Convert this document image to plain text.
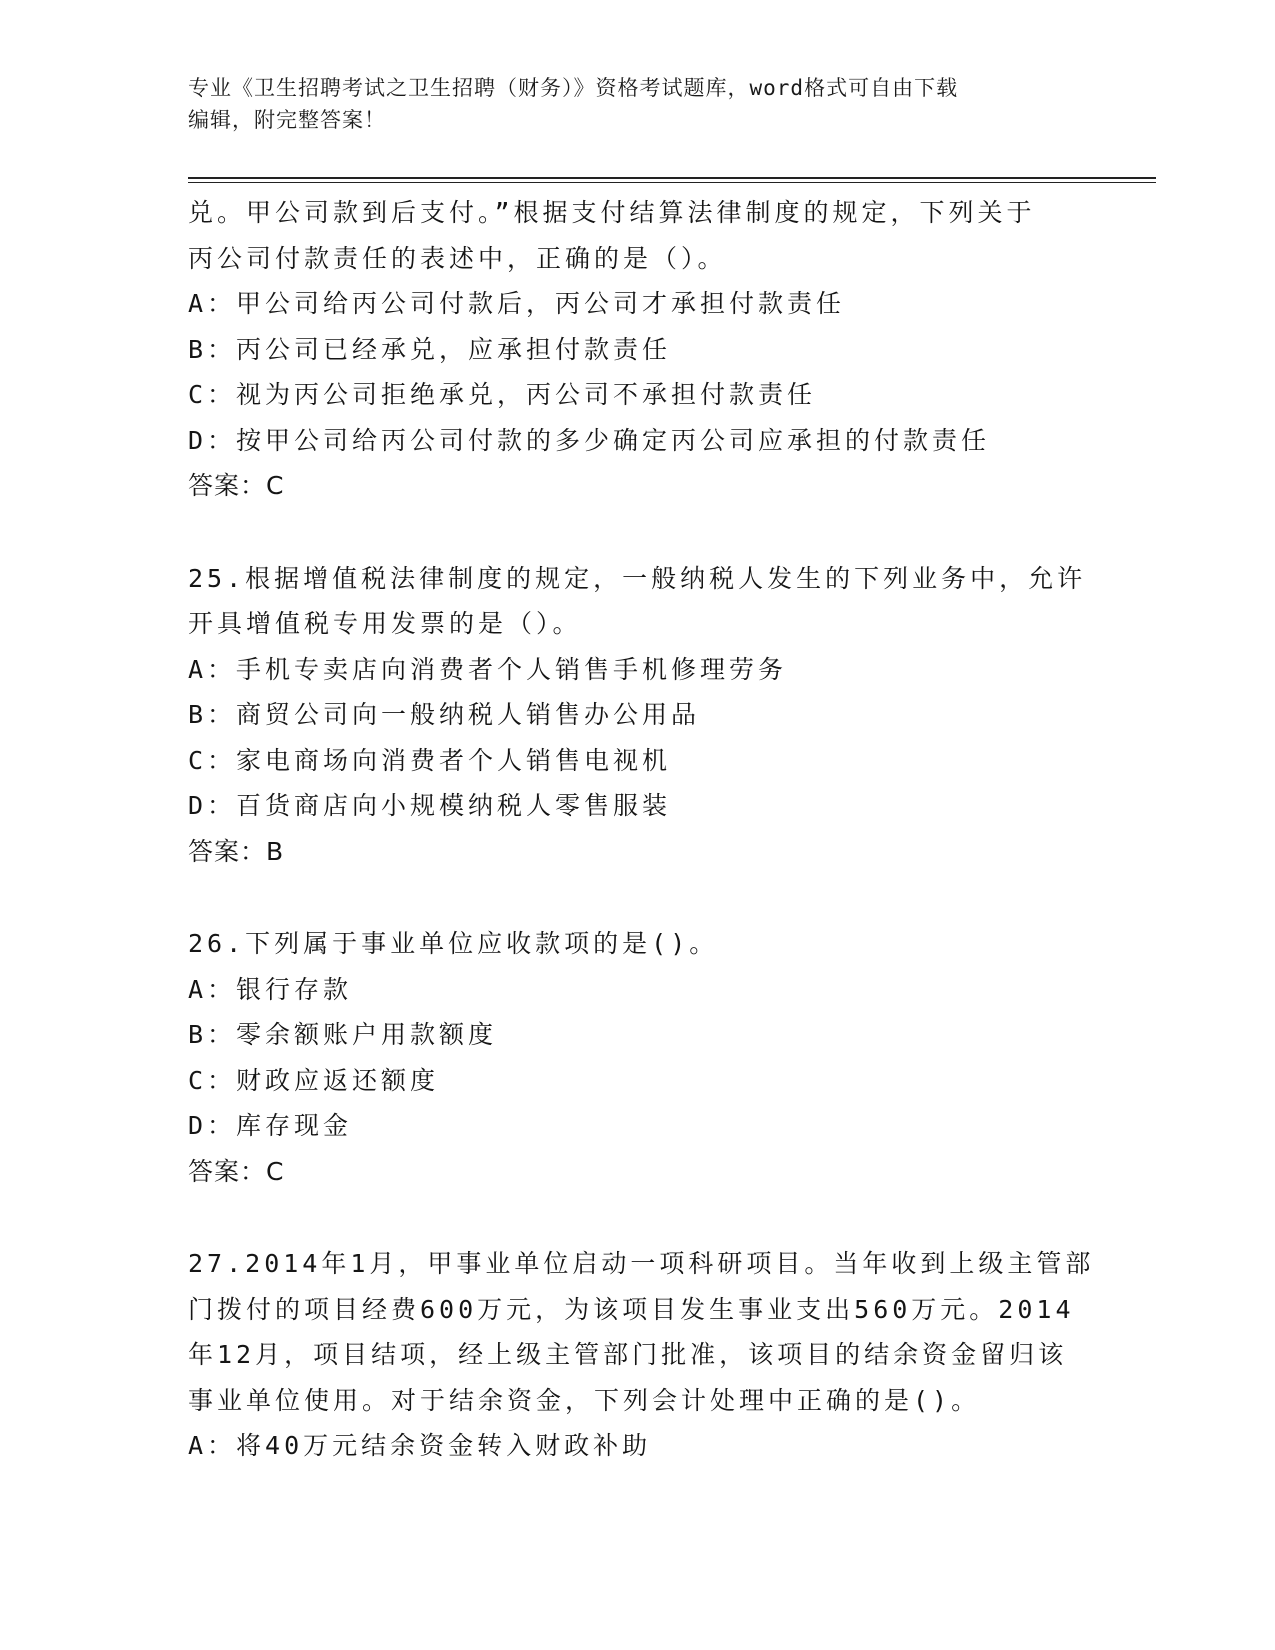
专业《卫生招聘考试之卫生招聘（财务）》资格考试题库，word格式可自由下载
编辑，附完整答案！
兑。甲公司款到后支付。”根据支付结算法律制度的规定，下列关于
丙公司付款责任的表述中，正确的是（）。
A：甲公司给丙公司付款后，丙公司才承担付款责任
B：丙公司已经承兑，应承担付款责任
C：视为丙公司拒绝承兑，丙公司不承担付款责任
D：按甲公司给丙公司付款的多少确定丙公司应承担的付款责任
答案：C
25.根据增值税法律制度的规定，一般纳税人发生的下列业务中，允许
开具增值税专用发票的是（）。
A：手机专卖店向消费者个人销售手机修理劳务
B：商贸公司向一般纳税人销售办公用品
C：家电商场向消费者个人销售电视机
D：百货商店向小规模纳税人零售服装
答案：B
26.下列属于事业单位应收款项的是()。
A：银行存款
B：零余额账户用款额度
C：财政应返还额度
D：库存现金
答案：C
27.2014年1月，甲事业单位启动一项科研项目。当年收到上级主管部
门拨付的项目经费600万元，为该项目发生事业支出560万元。2014
年12月，项目结项，经上级主管部门批准，该项目的结余资金留归该
事业单位使用。对于结余资金，下列会计处理中正确的是()。
A：将40万元结余资金转入财政补助
